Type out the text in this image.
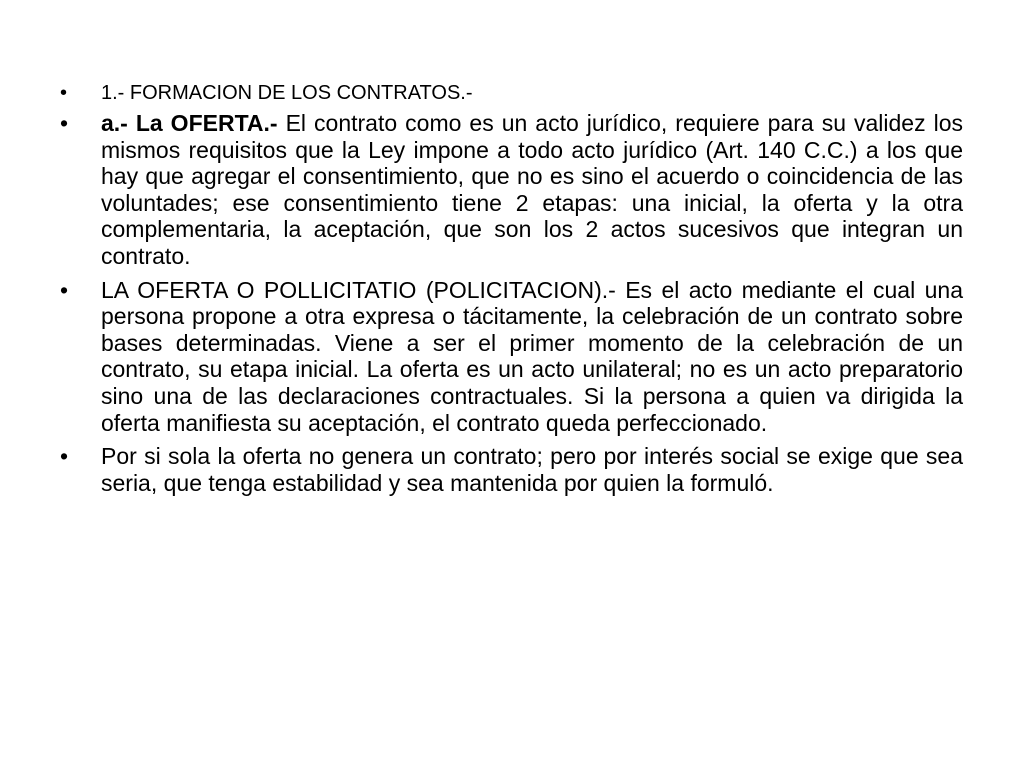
• 1.- FORMACION DE LOS CONTRATOS.-
• a.- La OFERTA.- El contrato como es un acto jurídico, requiere para su validez los mismos requisitos que la Ley impone a todo acto jurídico (Art. 140 C.C.) a los que hay que agregar el consentimiento, que no es sino el acuerdo o coincidencia de las voluntades; ese consentimiento tiene 2 etapas: una inicial, la oferta y la otra complementaria, la aceptación, que son los 2 actos sucesivos que integran un contrato.
• LA OFERTA O POLLICITATIO (POLICITACION).- Es el acto mediante el cual una persona propone a otra expresa o tácitamente, la celebración de un contrato sobre bases determinadas. Viene a ser el primer momento de la celebración de un contrato, su etapa inicial. La oferta es un acto unilateral; no es un acto preparatorio sino una de las declaraciones contractuales. Si la persona a quien va dirigida la oferta manifiesta su aceptación, el contrato queda perfeccionado.
• Por si sola la oferta no genera un contrato; pero por interés social se exige que sea seria, que tenga estabilidad y sea mantenida por quien la formuló.
